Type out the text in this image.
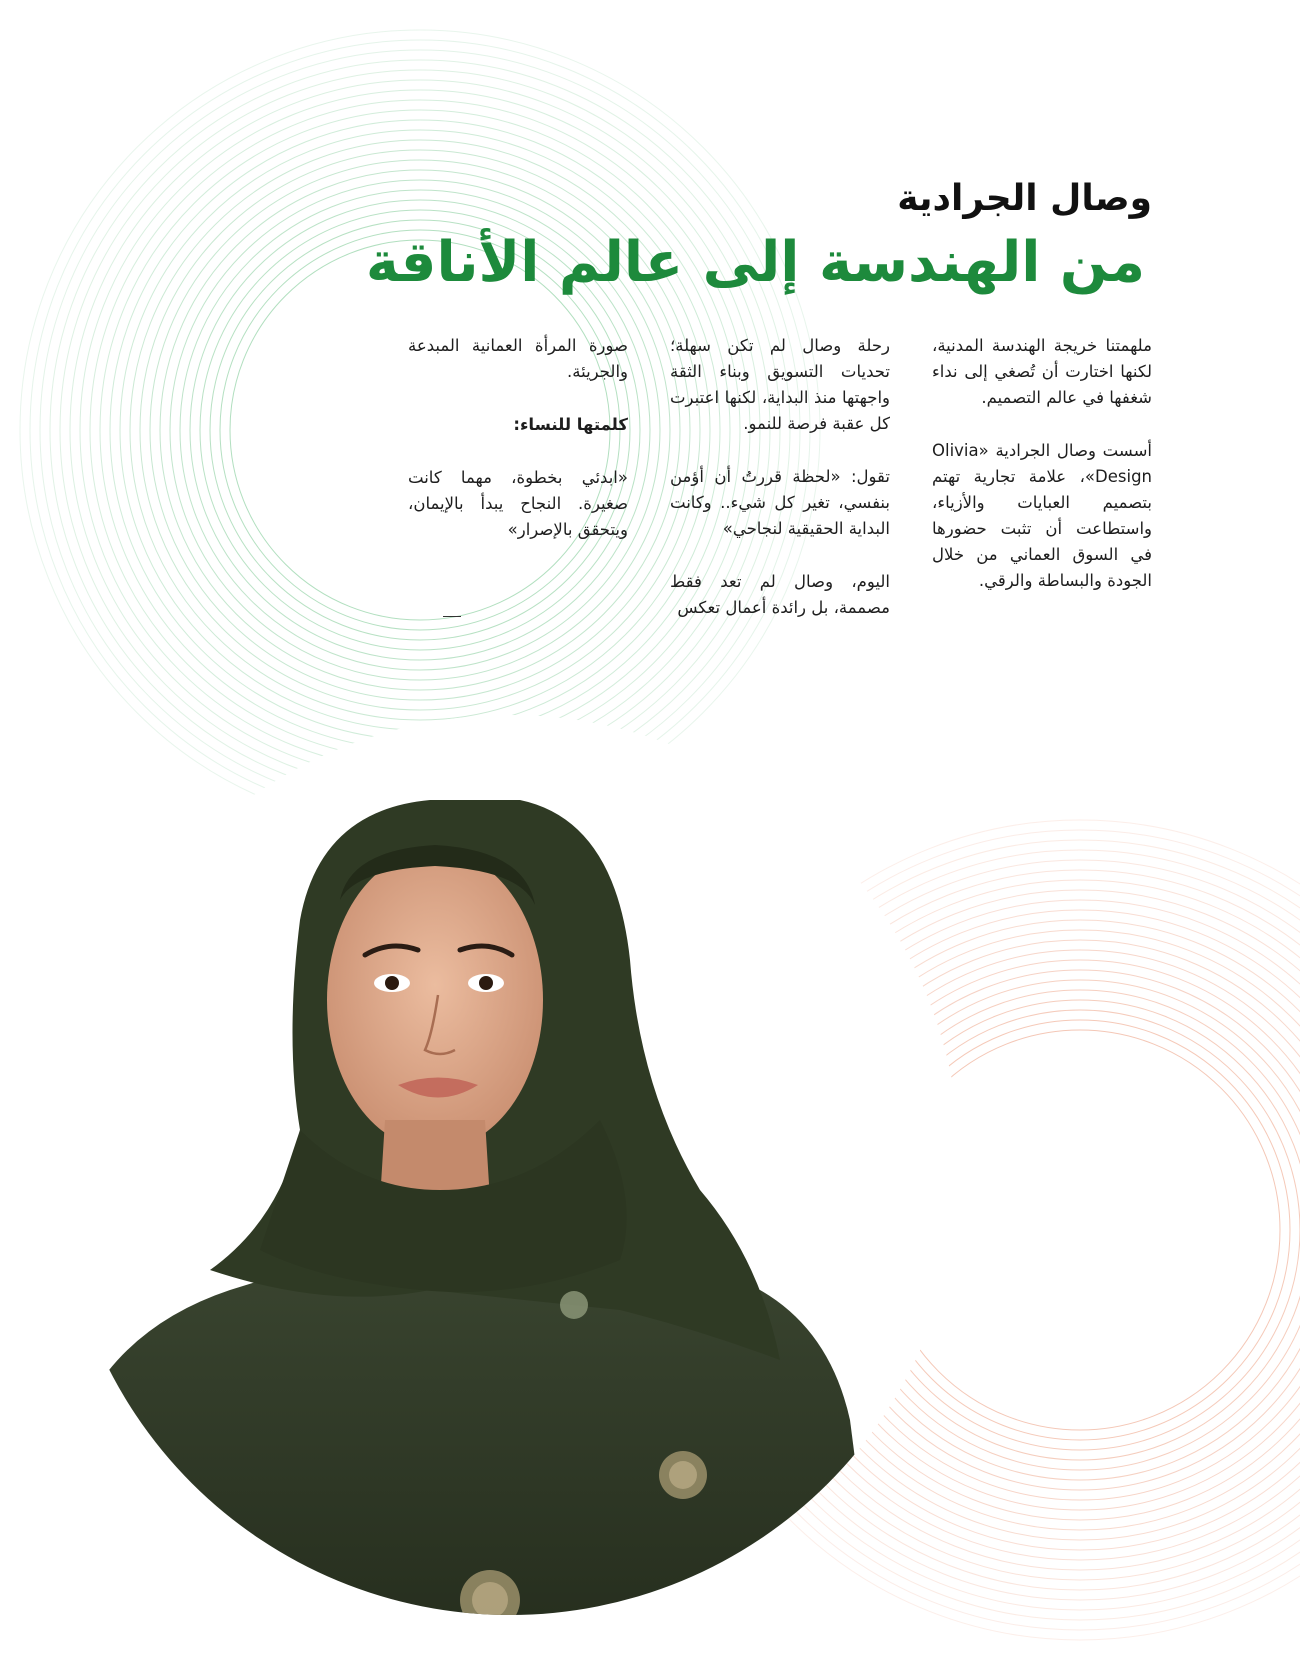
وصال الجرادية
من الهندسة إلى عالم الأناقة

ملهمتنا خريجة الهندسة المدنية، لكنها اختارت أن تُصغي إلى نداء شغفها في عالم التصميم.

أسست وصال الجرادية «Olivia Design»، علامة تجارية تهتم بتصميم العبايات والأزياء، واستطاعت أن تثبت حضورها في السوق العماني من خلال الجودة والبساطة والرقي.

رحلة وصال لم تكن سهلة؛ تحديات التسويق وبناء الثقة واجهتها منذ البداية، لكنها اعتبرت كل عقبة فرصة للنمو.

تقول: «لحظة قررتُ أن أؤمن بنفسي، تغير كل شيء.. وكانت البداية الحقيقية لنجاحي»

اليوم، وصال لم تعد فقط مصممة، بل رائدة أعمال تعكس

صورة المرأة العمانية المبدعة والجريئة.

كلمتها للنساء:

«ابدئي بخطوة، مهما كانت صغيرة. النجاح يبدأ بالإيمان، ويتحقق بالإصرار»
